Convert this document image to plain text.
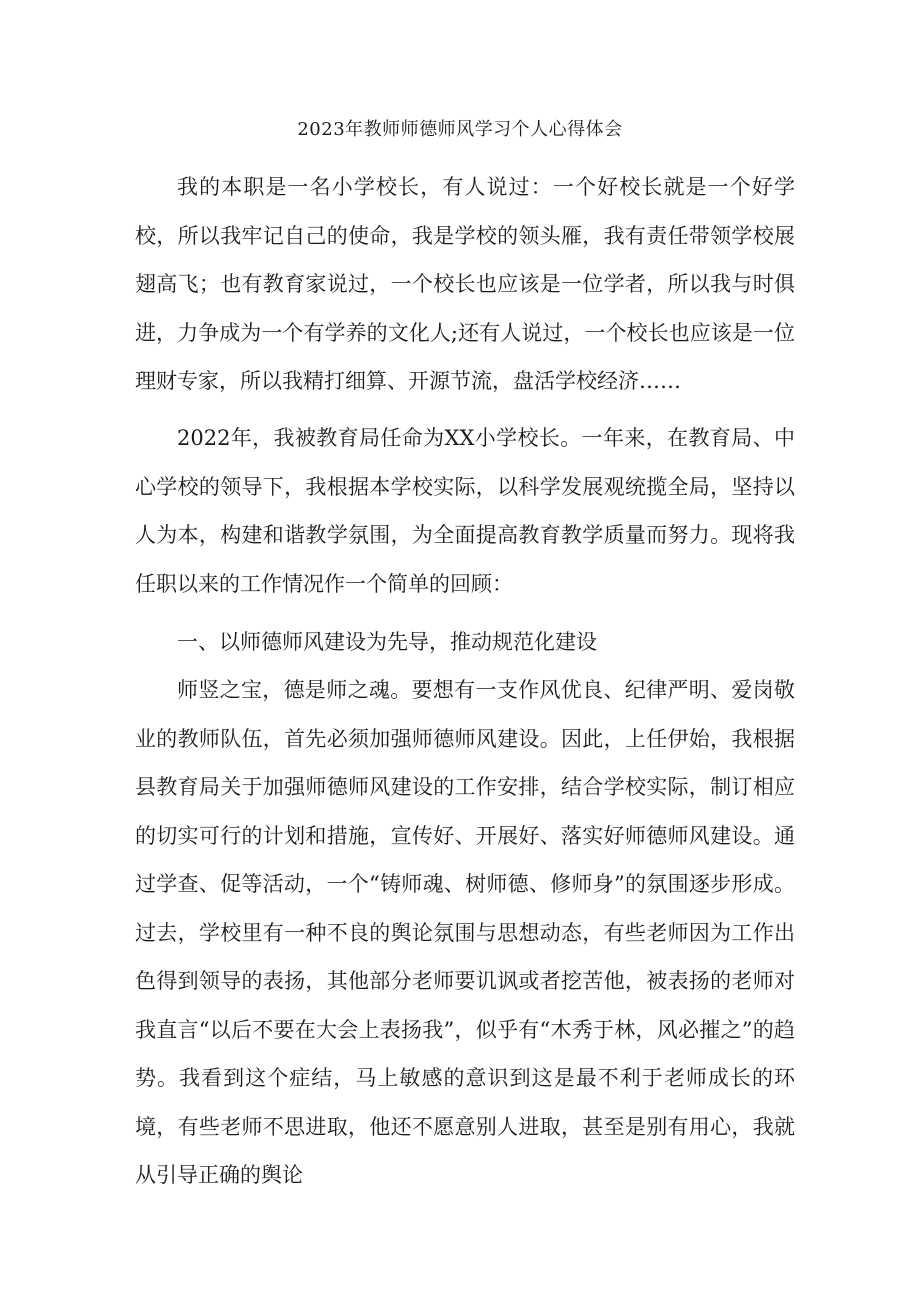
2023年教师师德师风学习个人心得体会

我的本职是一名小学校长，有人说过：一个好校长就是一个好学校，所以我牢记自己的使命，我是学校的领头雁，我有责任带领学校展翅高飞；也有教育家说过，一个校长也应该是一位学者，所以我与时俱进，力争成为一个有学养的文化人;还有人说过，一个校长也应该是一位理财专家，所以我精打细算、开源节流，盘活学校经济……

2022年，我被教育局任命为XX小学校长。一年来，在教育局、中心学校的领导下，我根据本学校实际，以科学发展观统揽全局，坚持以人为本，构建和谐教学氛围，为全面提高教育教学质量而努力。现将我任职以来的工作情况作一个简单的回顾：

一、以师德师风建设为先导，推动规范化建设

师竖之宝，德是师之魂。要想有一支作风优良、纪律严明、爱岗敬业的教师队伍，首先必须加强师德师风建设。因此，上任伊始，我根据县教育局关于加强师德师风建设的工作安排，结合学校实际，制订相应的切实可行的计划和措施，宣传好、开展好、落实好师德师风建设。通过学查、促等活动，一个“铸师魂、树师德、修师身”的氛围逐步形成。过去，学校里有一种不良的舆论氛围与思想动态，有些老师因为工作出色得到领导的表扬，其他部分老师要讥讽或者挖苦他，被表扬的老师对我直言“以后不要在大会上表扬我”，似乎有“木秀于林，风必摧之”的趋势。我看到这个症结，马上敏感的意识到这是最不利于老师成长的环境，有些老师不思进取，他还不愿意别人进取，甚至是别有用心，我就从引导正确的舆论
